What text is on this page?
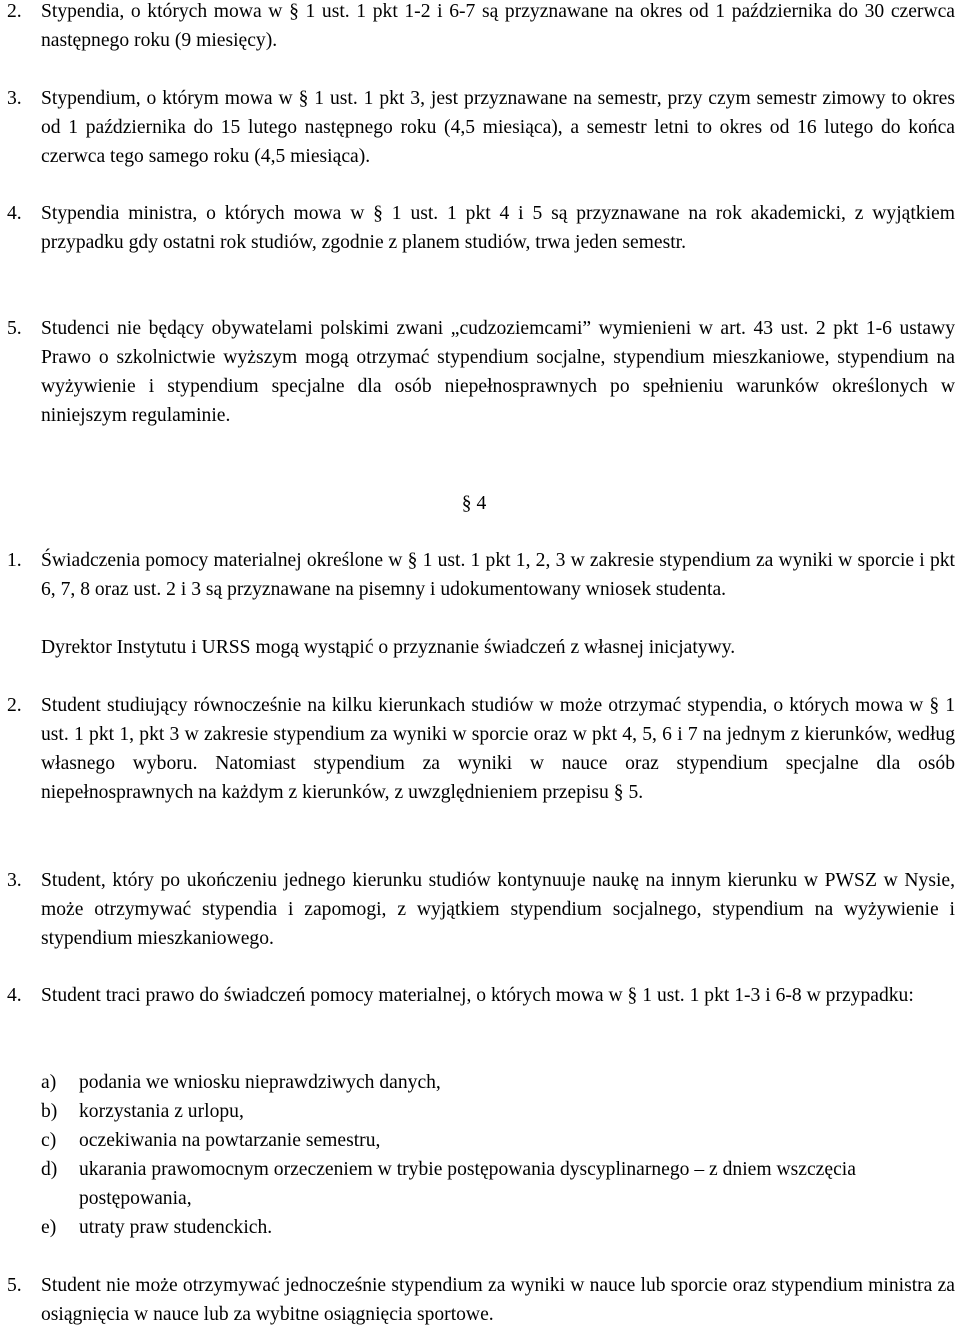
2. Stypendia, o których mowa w § 1 ust. 1 pkt 1-2 i 6-7 są przyznawane na okres od 1 października do 30 czerwca następnego roku (9 miesięcy).
3. Stypendium, o którym mowa w § 1 ust. 1 pkt 3, jest przyznawane na semestr, przy czym semestr zimowy to okres od 1 października do 15 lutego następnego roku (4,5 miesiąca), a semestr letni to okres od 16 lutego do końca czerwca tego samego roku (4,5 miesiąca).
4. Stypendia ministra, o których mowa w § 1 ust. 1 pkt 4 i 5 są przyznawane na rok akademicki, z wyjątkiem przypadku gdy ostatni rok studiów, zgodnie z planem studiów, trwa jeden semestr.
5. Studenci nie będący obywatelami polskimi zwani „cudzoziemcami” wymienieni w art. 43 ust. 2 pkt 1-6 ustawy Prawo o szkolnictwie wyższym mogą otrzymać stypendium socjalne, stypendium mieszkaniowe, stypendium na wyżywienie i stypendium specjalne dla osób niepełnosprawnych po spełnieniu warunków określonych w niniejszym regulaminie.
§ 4
1. Świadczenia pomocy materialnej określone w § 1 ust. 1 pkt 1, 2, 3 w zakresie stypendium za wyniki w sporcie i pkt 6, 7, 8 oraz ust. 2 i 3 są przyznawane na pisemny i udokumentowany wniosek studenta.
Dyrektor Instytutu i URSS mogą wystąpić o przyznanie świadczeń z własnej inicjatywy.
2. Student studiujący równocześnie na kilku kierunkach studiów w może otrzymać stypendia, o których mowa w § 1 ust. 1 pkt 1, pkt 3 w zakresie stypendium za wyniki w sporcie oraz w pkt 4, 5, 6 i 7 na jednym z kierunków, według własnego wyboru. Natomiast stypendium za wyniki w nauce oraz stypendium specjalne dla osób niepełnosprawnych na każdym z kierunków, z uwzględnieniem przepisu § 5.
3. Student, który po ukończeniu jednego kierunku studiów kontynuuje naukę na innym kierunku w PWSZ w Nysie, może otrzymywać stypendia i zapomogi, z wyjątkiem stypendium socjalnego, stypendium na wyżywienie i stypendium mieszkaniowego.
4. Student traci prawo do świadczeń pomocy materialnej, o których mowa w § 1 ust. 1 pkt 1-3 i 6-8 w przypadku:
a) podania we wniosku nieprawdziwych danych,
b) korzystania z urlopu,
c) oczekiwania na powtarzanie semestru,
d) ukarania prawomocnym orzeczeniem w trybie postępowania dyscyplinarnego – z dniem wszczęcia postępowania,
e) utraty praw studenckich.
5. Student nie może otrzymywać jednocześnie stypendium za wyniki w nauce lub sporcie oraz stypendium ministra za osiągnięcia w nauce lub za wybitne osiągnięcia sportowe.
